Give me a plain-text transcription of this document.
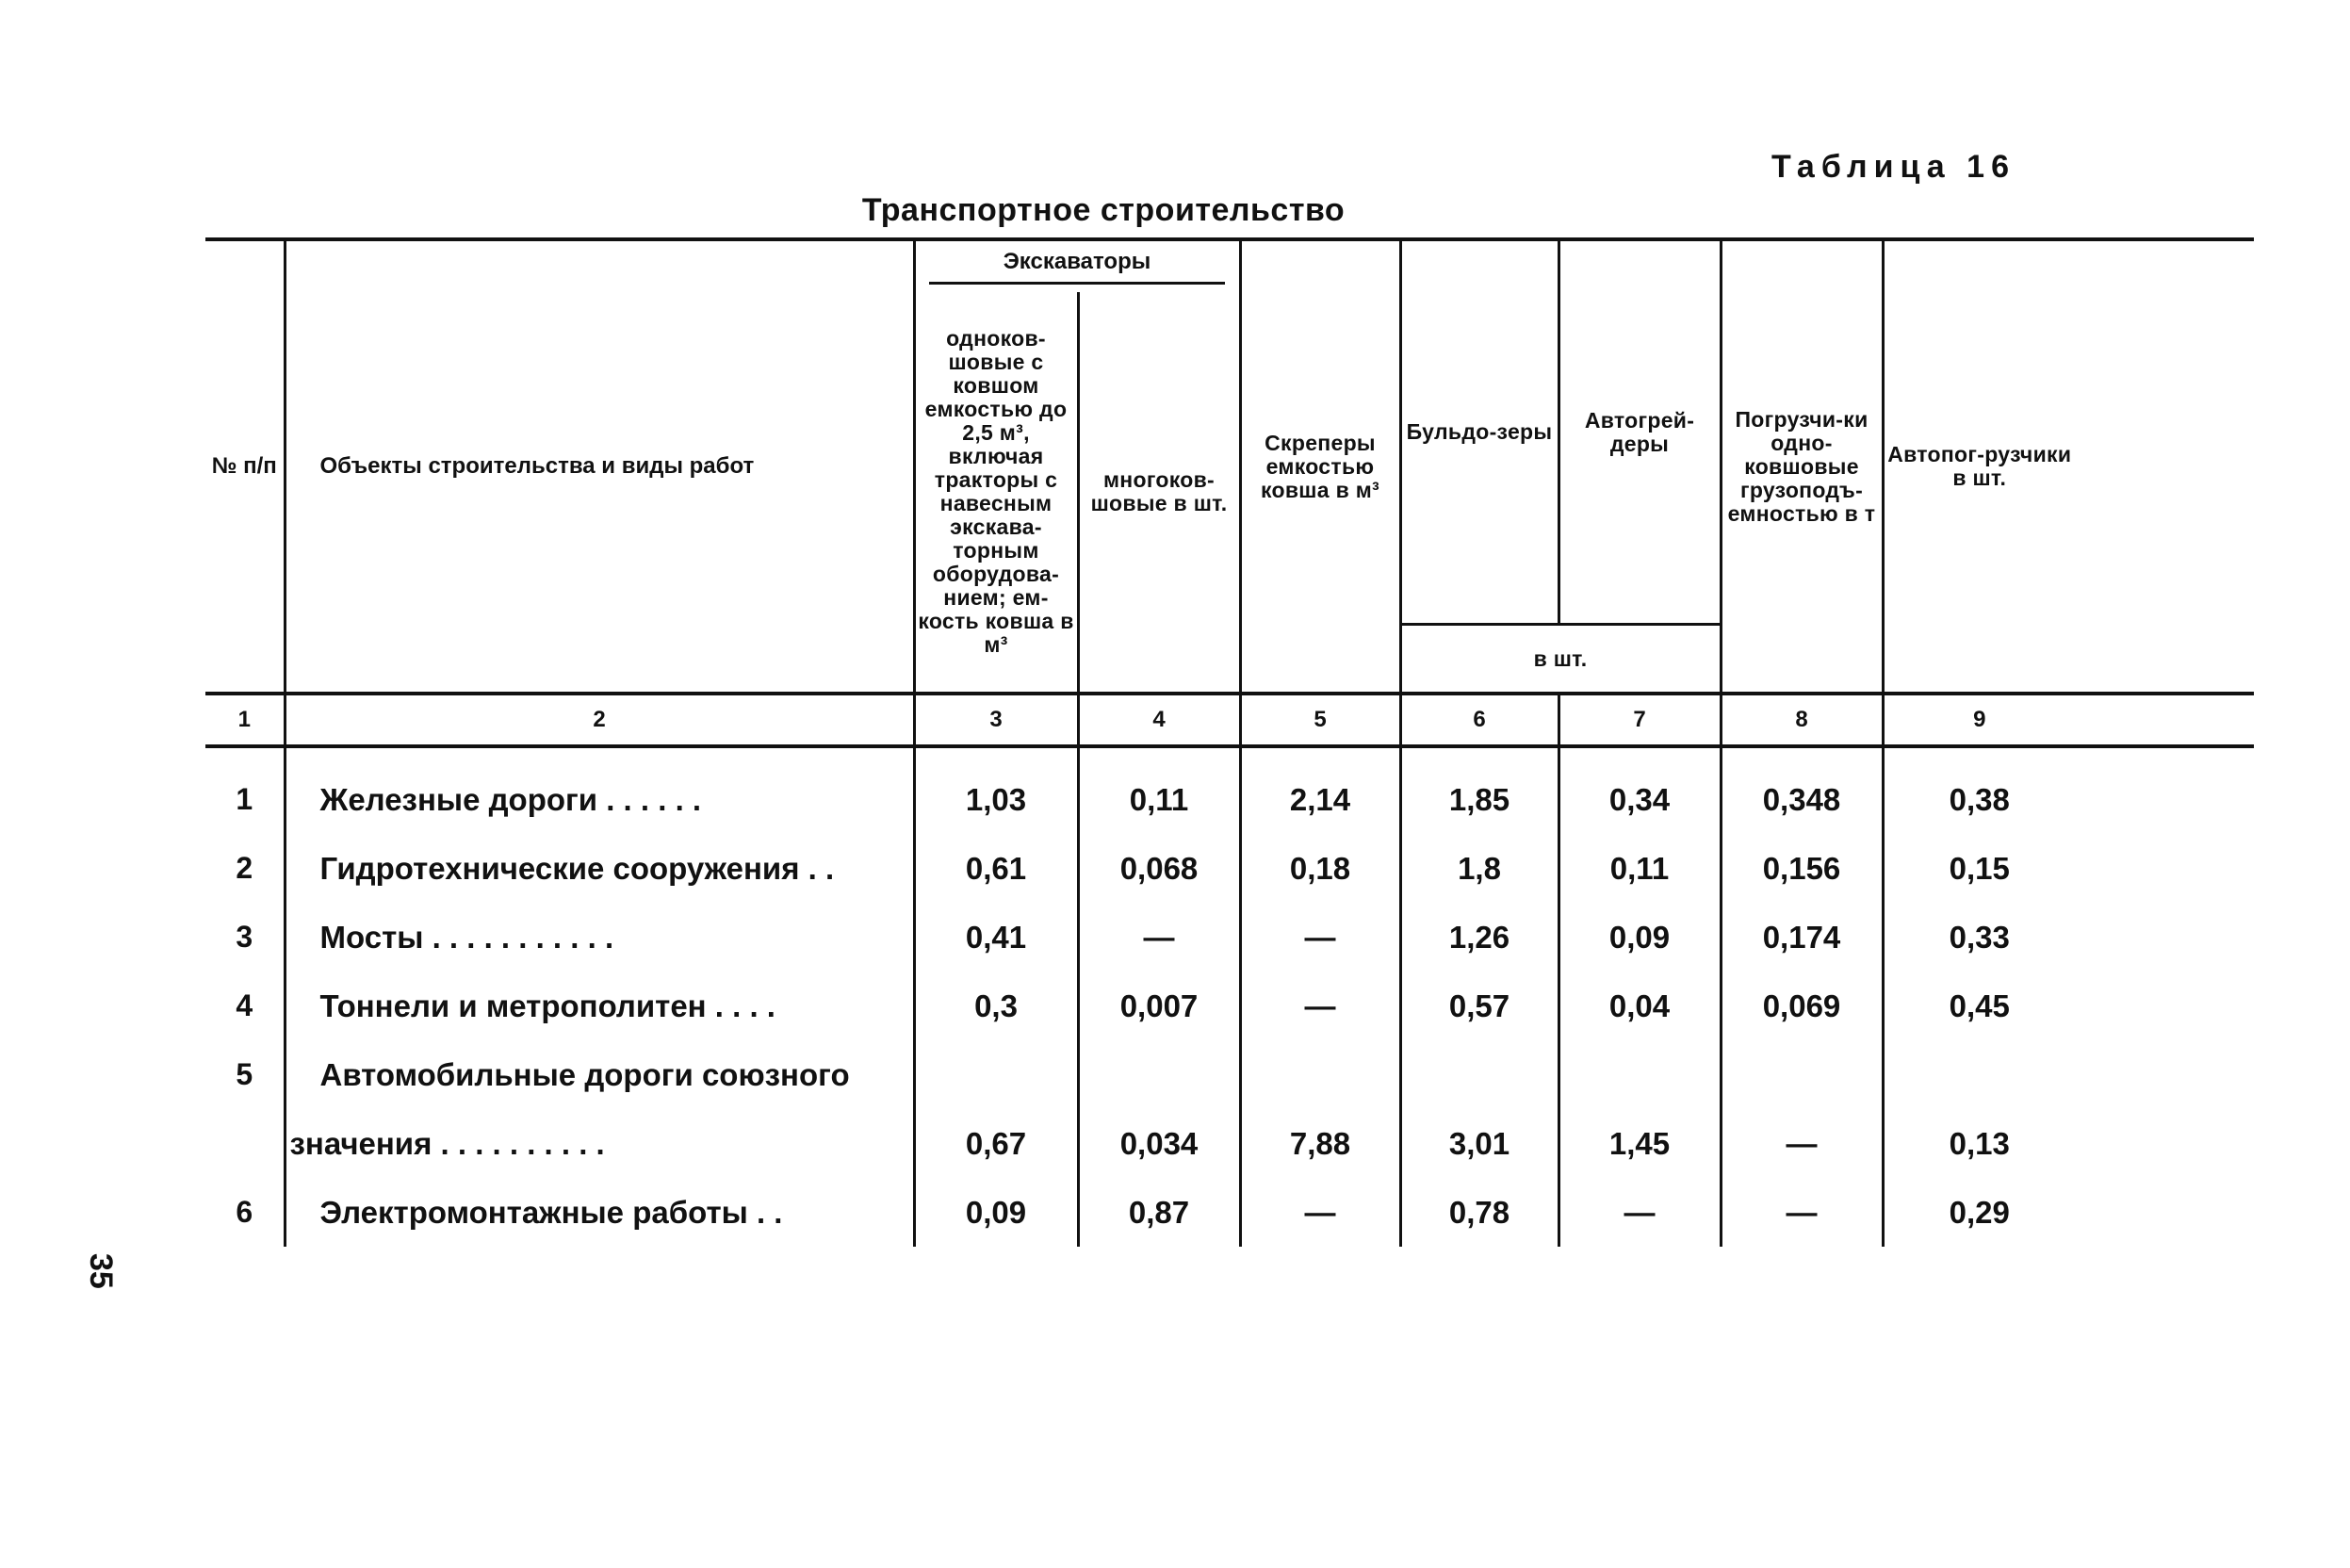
Таблица 16
Транспортное строительство
35
№ п/п	Объекты строительства и виды работ	Экскаваторы		Скреперы емкостью ковша в м³	Бульдо-зеры	Автогрей-деры	Погрузчи-ки одно-ковшовые грузоподъ-емностью в т	Автопог-рузчики в шт.
		одноков-шовые с ковшом емкостью до 2,5 м³, включая тракторы с навесным экскава-торным оборудова-нием; ем-кость ковша в м³	многоков-шовые в шт.					
					в шт.			
1	2	3	4	5	6	7	8	9
1	Железные дороги . . . . . .	1,03	0,11	2,14	1,85	0,34	0,348	0,38
2	Гидротехнические сооружения . .	0,61	0,068	0,18	1,8	0,11	0,156	0,15
3	Мосты . . . . . . . . . . .	0,41	—	—	1,26	0,09	0,174	0,33
4	Тоннели и метрополитен . . . .	0,3	0,007	—	0,57	0,04	0,069	0,45
5	Автомобильные дороги союзного							
	значения . . . . . . . . . .	0,67	0,034	7,88	3,01	1,45	—	0,13
6	Электромонтажные работы . .	0,09	0,87	—	0,78	—	—	0,29
